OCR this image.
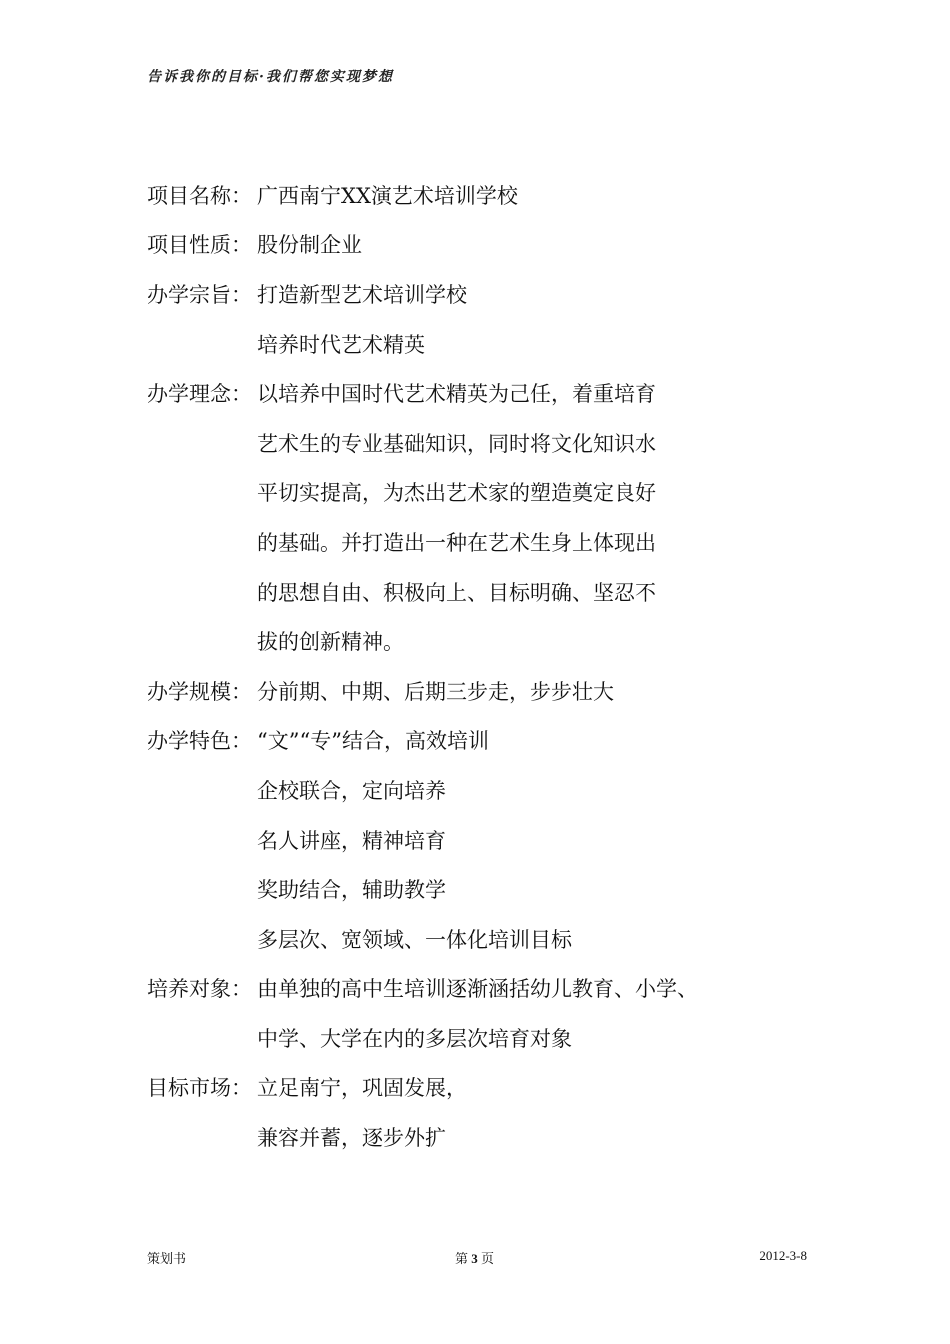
告诉我你的目标·我们帮您实现梦想
项目名称： 广西南宁XX演艺术培训学校
项目性质： 股份制企业
办学宗旨： 打造新型艺术培训学校
培养时代艺术精英
办学理念： 以培养中国时代艺术精英为己任，着重培育
艺术生的专业基础知识，同时将文化知识水
平切实提高，为杰出艺术家的塑造奠定良好
的基础。并打造出一种在艺术生身上体现出
的思想自由、积极向上、目标明确、坚忍不
拔的创新精神。
办学规模： 分前期、中期、后期三步走，步步壮大
办学特色： “文”“专”结合，高效培训
企校联合，定向培养
名人讲座，精神培育
奖助结合，辅助教学
多层次、宽领域、一体化培训目标
培养对象： 由单独的高中生培训逐渐涵括幼儿教育、小学、
中学、大学在内的多层次培育对象
目标市场： 立足南宁，巩固发展，
兼容并蓄，逐步外扩
策划书	第 3 页	2012-3-8
